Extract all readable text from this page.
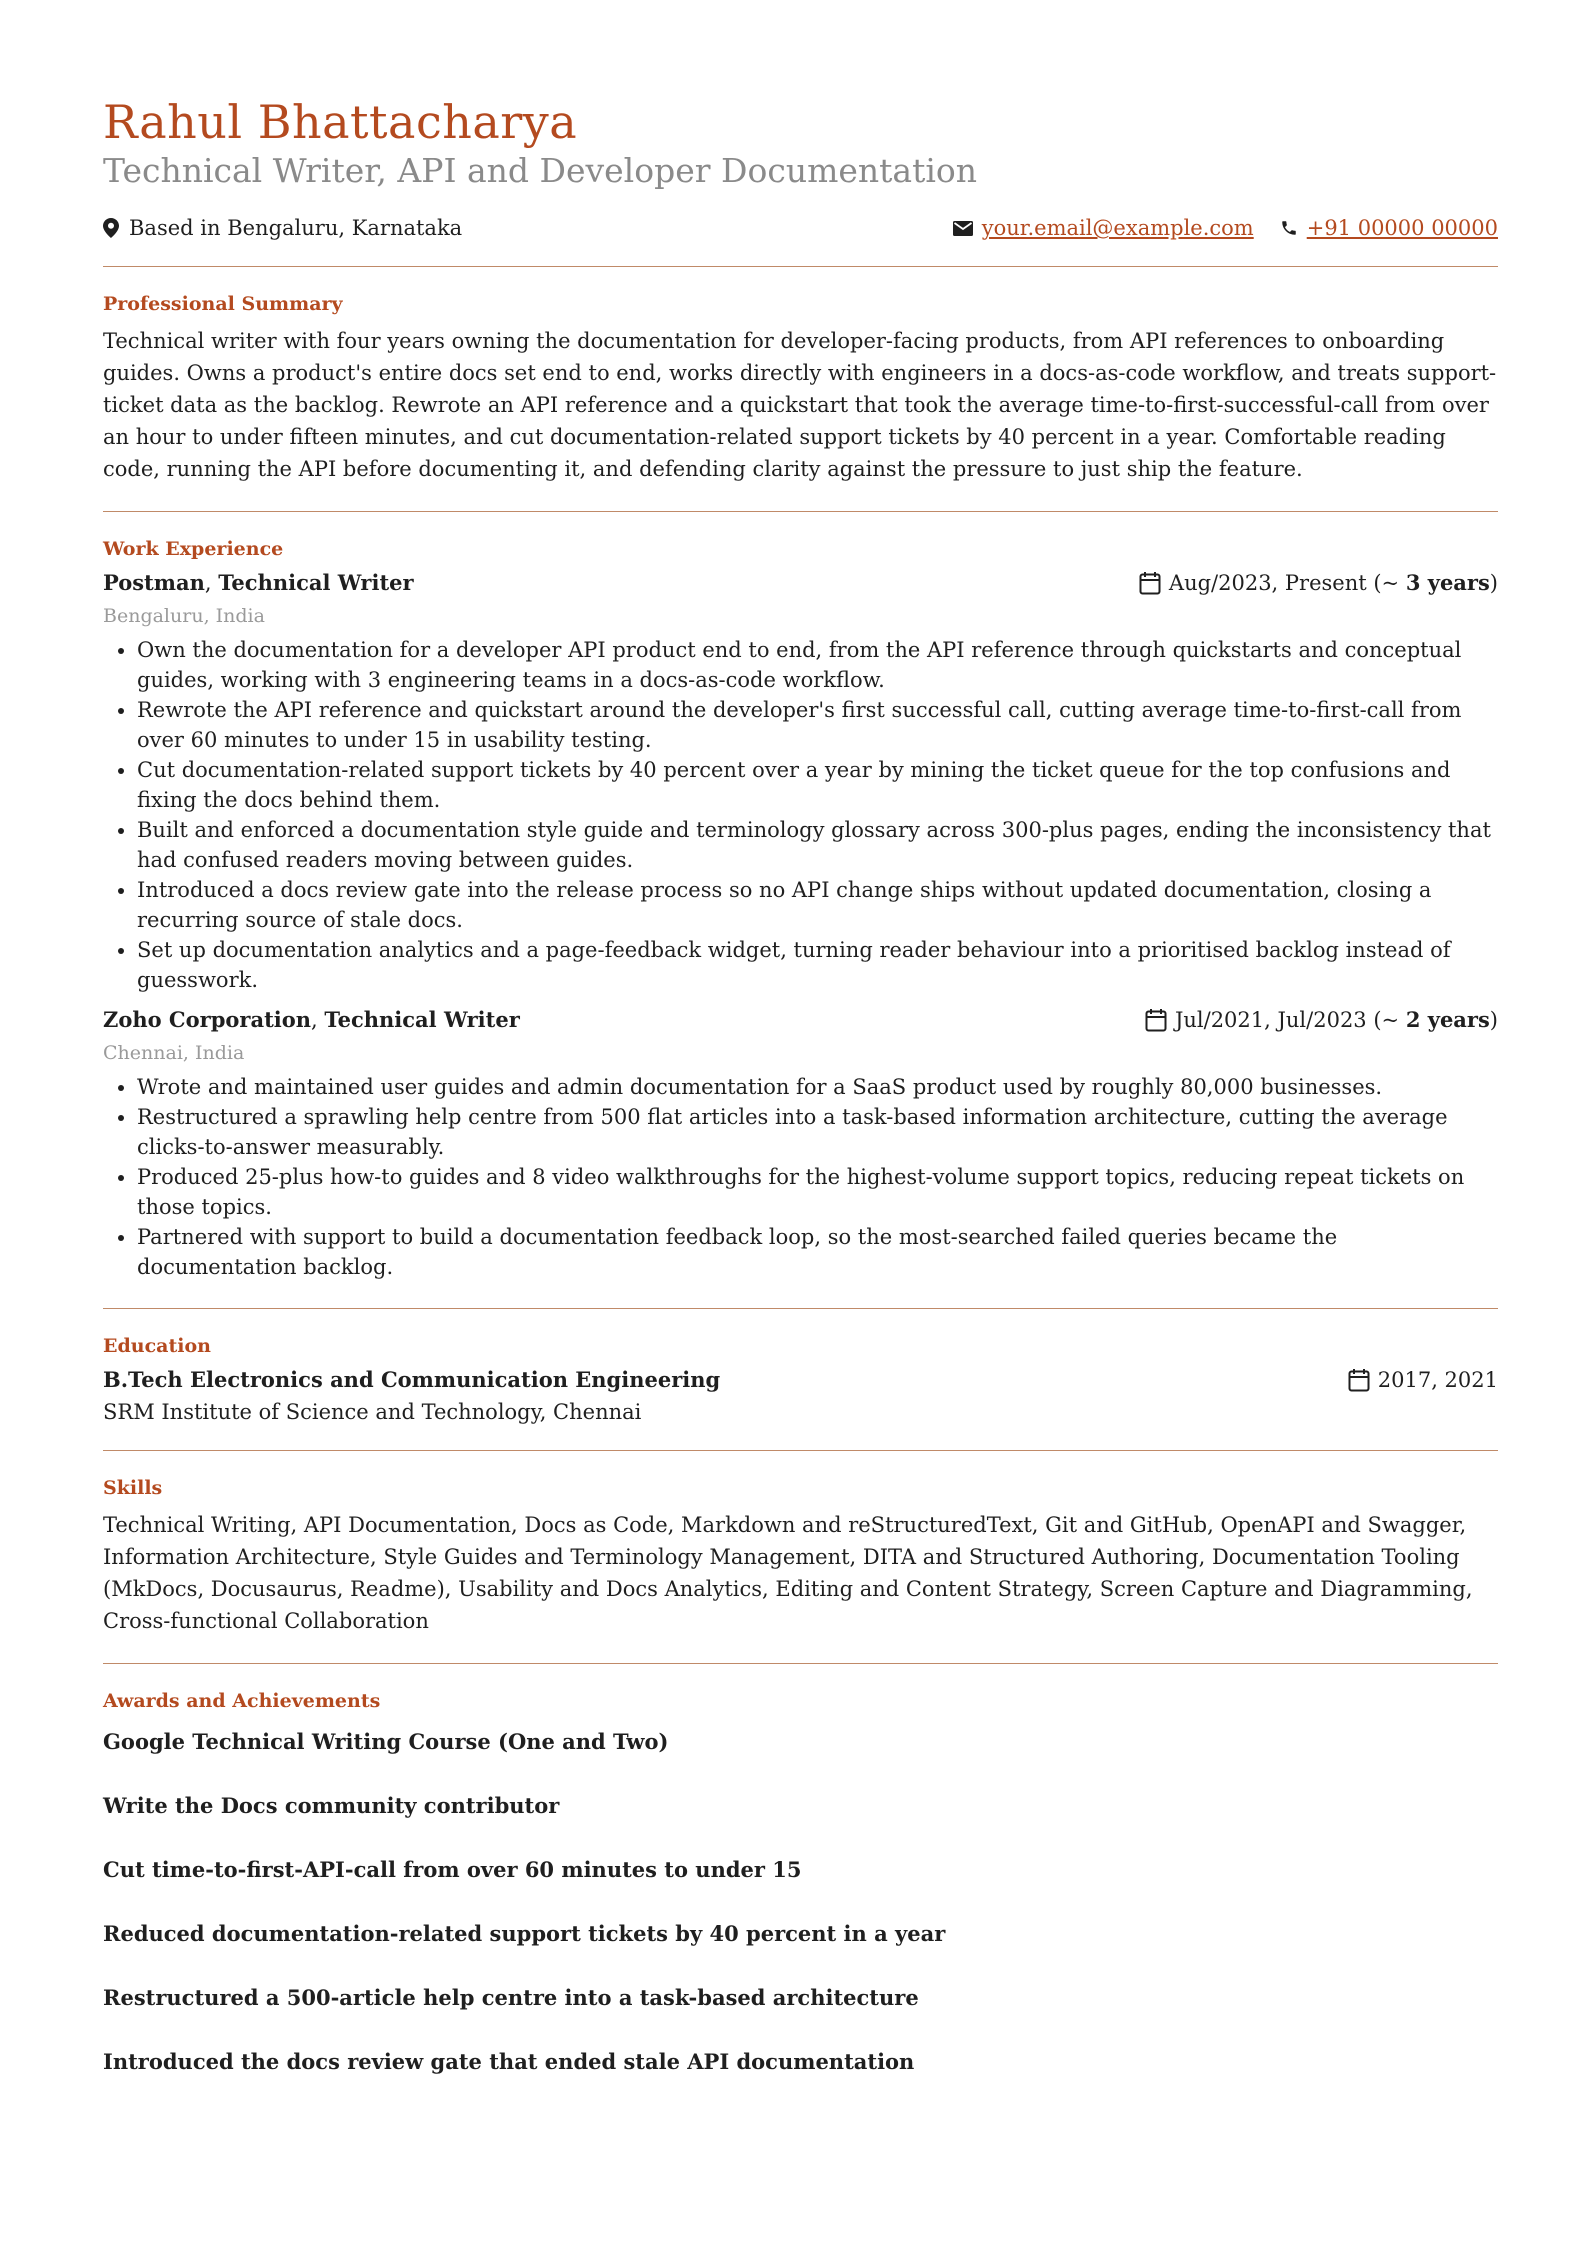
Rahul Bhattacharya
Technical Writer, API and Developer Documentation
Based in Bengaluru, Karnataka	your.email@example.com	+91 00000 00000
Professional Summary

Technical writer with four years owning the documentation for developer-facing products, from API references to onboarding guides. Owns a product's entire docs set end to end, works directly with engineers in a docs-as-code workflow, and treats support-ticket data as the backlog. Rewrote an API reference and a quickstart that took the average time-to-first-successful-call from over an hour to under fifteen minutes, and cut documentation-related support tickets by 40 percent in a year. Comfortable reading code, running the API before documenting it, and defending clarity against the pressure to just ship the feature.

Work Experience
Postman, Technical Writer	Aug/2023, Present (~ 3 years)
Bengaluru, India
• Own the documentation for a developer API product end to end, from the API reference through quickstarts and conceptual guides, working with 3 engineering teams in a docs-as-code workflow.
• Rewrote the API reference and quickstart around the developer's first successful call, cutting average time-to-first-call from over 60 minutes to under 15 in usability testing.
• Cut documentation-related support tickets by 40 percent over a year by mining the ticket queue for the top confusions and fixing the docs behind them.
• Built and enforced a documentation style guide and terminology glossary across 300-plus pages, ending the inconsistency that had confused readers moving between guides.
• Introduced a docs review gate into the release process so no API change ships without updated documentation, closing a recurring source of stale docs.
• Set up documentation analytics and a page-feedback widget, turning reader behaviour into a prioritised backlog instead of guesswork.
Zoho Corporation, Technical Writer	Jul/2021, Jul/2023 (~ 2 years)
Chennai, India
• Wrote and maintained user guides and admin documentation for a SaaS product used by roughly 80,000 businesses.
• Restructured a sprawling help centre from 500 flat articles into a task-based information architecture, cutting the average clicks-to-answer measurably.
• Produced 25-plus how-to guides and 8 video walkthroughs for the highest-volume support topics, reducing repeat tickets on those topics.
• Partnered with support to build a documentation feedback loop, so the most-searched failed queries became the documentation backlog.
Education
B.Tech Electronics and Communication Engineering	2017, 2021
SRM Institute of Science and Technology, Chennai
Skills

Technical Writing, API Documentation, Docs as Code, Markdown and reStructuredText, Git and GitHub, OpenAPI and Swagger, Information Architecture, Style Guides and Terminology Management, DITA and Structured Authoring, Documentation Tooling (MkDocs, Docusaurus, Readme), Usability and Docs Analytics, Editing and Content Strategy, Screen Capture and Diagramming, Cross-functional Collaboration

Awards and Achievements

Google Technical Writing Course (One and Two)

Write the Docs community contributor

Cut time-to-first-API-call from over 60 minutes to under 15

Reduced documentation-related support tickets by 40 percent in a year

Restructured a 500-article help centre into a task-based architecture

Introduced the docs review gate that ended stale API documentation
